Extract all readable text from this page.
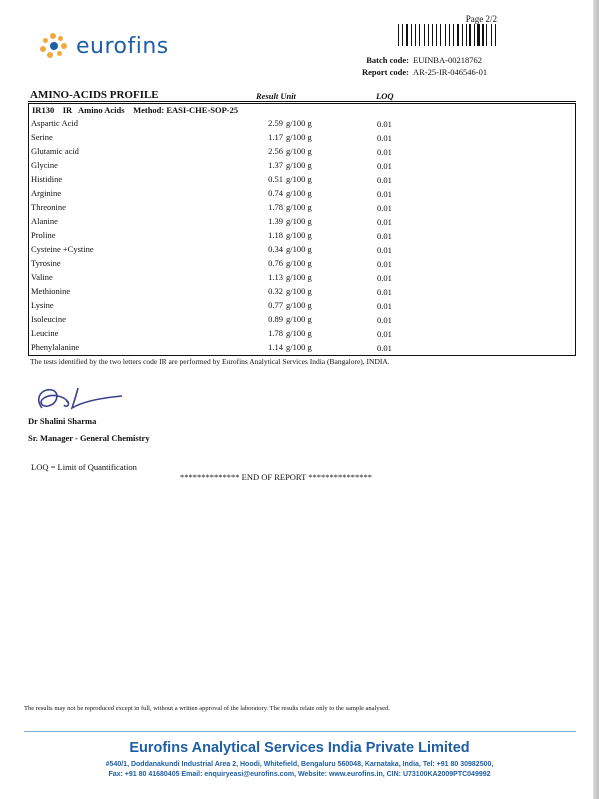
Page 2/2
Batch code: EUINBA-00218762
Report code: AR-25-IR-046546-01
eurofins
AMINO-ACIDS PROFILE	Result Unit	LOQ
IR130    IR   Amino Acids    Method: EASI-CHE-SOP-25
Aspartic Acid	2.59 g/100 g	0.01
Serine	1.17 g/100 g	0.01
Glutamic acid	2.56 g/100 g	0.01
Glycine	1.37 g/100 g	0.01
Histidine	0.51 g/100 g	0.01
Arginine	0.74 g/100 g	0.01
Threonine	1.78 g/100 g	0.01
Alanine	1.39 g/100 g	0.01
Proline	1.18 g/100 g	0.01
Cysteine +Cystine	0.34 g/100 g	0.01
Tyrosine	0.76 g/100 g	0.01
Valine	1.13 g/100 g	0.01
Methionine	0.32 g/100 g	0.01
Lysine	0.77 g/100 g	0.01
Isoleucine	0.89 g/100 g	0.01
Leucine	1.78 g/100 g	0.01
Phenylalanine	1.14 g/100 g	0.01
The tests identified by the two letters code IR are performed by Eurofins Analytical Services India (Bangalore), INDIA.
Dr Shalini Sharma
Sr. Manager - General Chemistry
LOQ = Limit of Quantification
************** END OF REPORT ***************
The results may not be reproduced except in full, without a written approval of the laboratory. The results relate only to the sample analysed.
Eurofins Analytical Services India Private Limited
#540/1, Doddanakundi Industrial Area 2, Hoodi, Whitefield, Bengaluru 560048, Karnataka, India, Tel: +91 80 30982500,
Fax: +91 80 41680405 Email: enquiryeasi@eurofins.com, Website: www.eurofins.in, CIN: U73100KA2009PTC049992
